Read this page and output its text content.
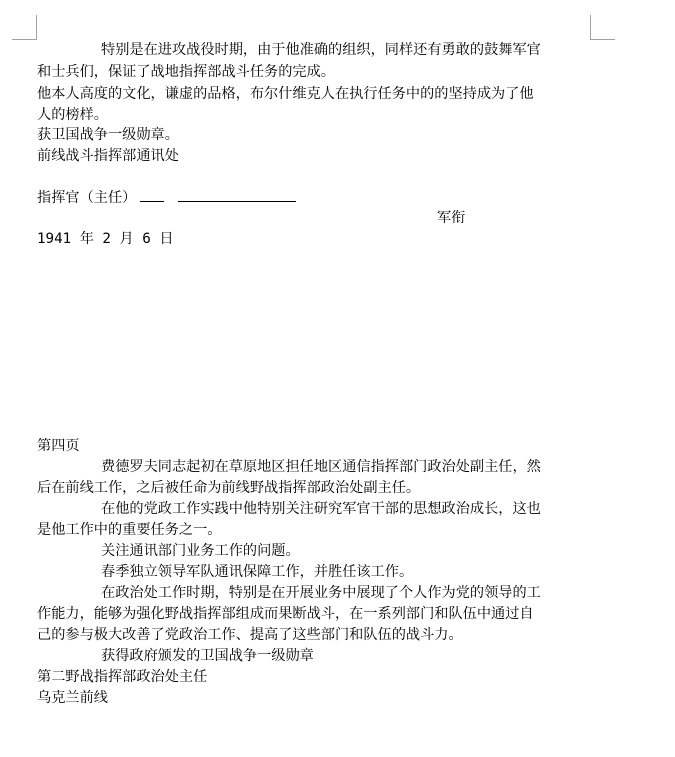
特别是在进攻战役时期，由于他准确的组织，同样还有勇敢的鼓舞军官
和士兵们，保证了战地指挥部战斗任务的完成。
他本人高度的文化，谦虚的品格，布尔什维克人在执行任务中的的坚持成为了他
人的榜样。
获卫国战争一级勋章。
前线战斗指挥部通讯处
指挥官（主任）
军衔
1941 年 2 月 6 日
第四页
费德罗夫同志起初在草原地区担任地区通信指挥部门政治处副主任，然
后在前线工作，之后被任命为前线野战指挥部政治处副主任。
在他的党政工作实践中他特别关注研究军官干部的思想政治成长，这也
是他工作中的重要任务之一。
关注通讯部门业务工作的问题。
春季独立领导军队通讯保障工作，并胜任该工作。
在政治处工作时期，特别是在开展业务中展现了个人作为党的领导的工
作能力，能够为强化野战指挥部组成而果断战斗，在一系列部门和队伍中通过自
己的参与极大改善了党政治工作、提高了这些部门和队伍的战斗力。
获得政府颁发的卫国战争一级勋章
第二野战指挥部政治处主任
乌克兰前线
